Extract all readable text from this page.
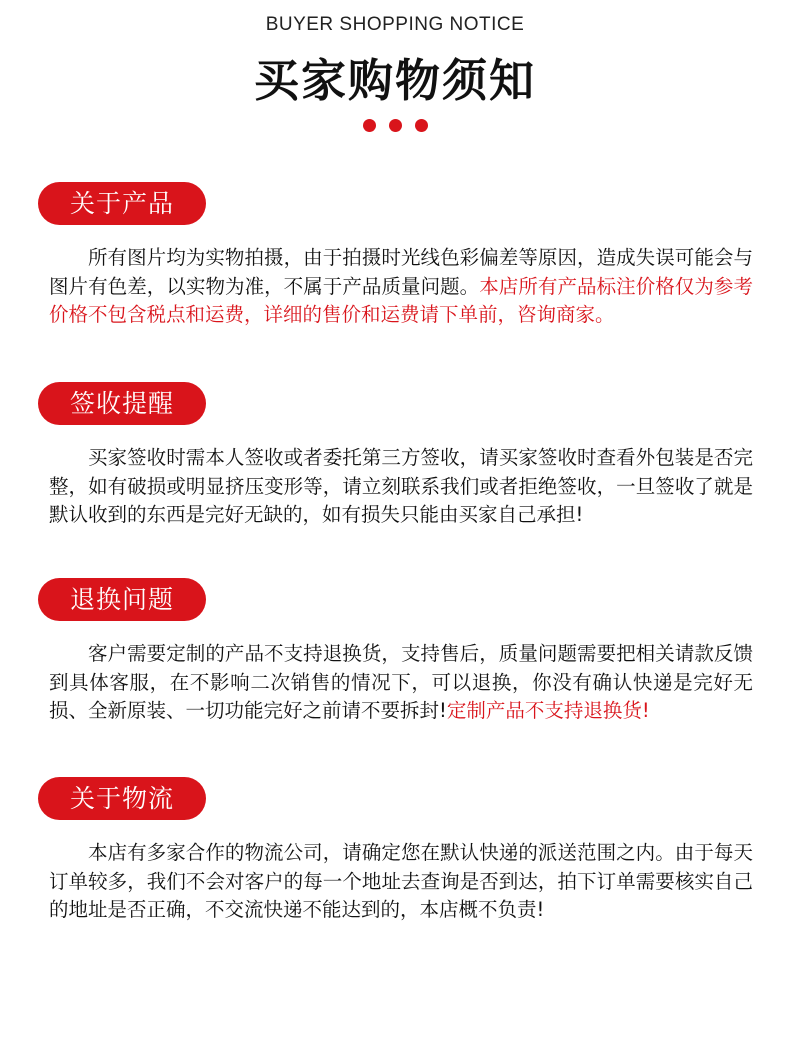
BUYER SHOPPING NOTICE
买家购物须知
关于产品
所有图片均为实物拍摄，由于拍摄时光线色彩偏差等原因，造成失误可能会与图片有色差，以实物为准，不属于产品质量问题。本店所有产品标注价格仅为参考价格不包含税点和运费，详细的售价和运费请下单前，咨询商家。
签收提醒
买家签收时需本人签收或者委托第三方签收，请买家签收时查看外包装是否完整，如有破损或明显挤压变形等，请立刻联系我们或者拒绝签收，一旦签收了就是默认收到的东西是完好无缺的，如有损失只能由买家自己承担!
退换问题
客户需要定制的产品不支持退换货，支持售后，质量问题需要把相关请款反馈到具体客服，在不影响二次销售的情况下，可以退换，你没有确认快递是完好无损、全新原装、一切功能完好之前请不要拆封!定制产品不支持退换货!
关于物流
本店有多家合作的物流公司，请确定您在默认快递的派送范围之内。由于每天订单较多，我们不会对客户的每一个地址去查询是否到达，拍下订单需要核实自己的地址是否正确，不交流快递不能达到的，本店概不负责!
